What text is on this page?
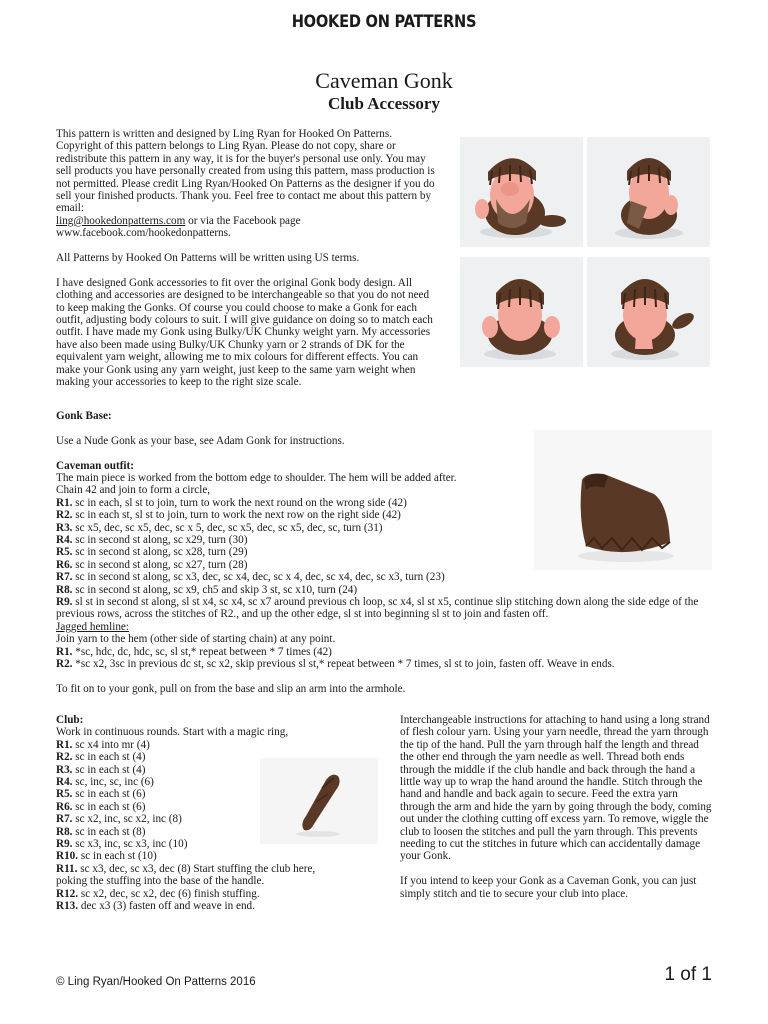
HOOKED ON PATTERNS
Caveman Gonk
Club Accessory

This pattern is written and designed by Ling Ryan for Hooked On Patterns. Copyright of this pattern belongs to Ling Ryan. Please do not copy, share or redistribute this pattern in any way, it is for the buyer's personal use only. You may sell products you have personally created from using this pattern, mass production is not permitted. Please credit Ling Ryan/Hooked On Patterns as the designer if you do sell your finished products. Thank you. Feel free to contact me about this pattern by email:

ling@hookedonpatterns.com or via the Facebook page

www.facebook.com/hookedonpatterns.

All Patterns by Hooked On Patterns will be written using US terms.

I have designed Gonk accessories to fit over the original Gonk body design. All clothing and accessories are designed to be interchangeable so that you do not need to keep making the Gonks. Of course you could choose to make a Gonk for each outfit, adjusting body colours to suit. I will give guidance on doing so to match each outfit. I have made my Gonk using Bulky/UK Chunky weight yarn. My accessories have also been made using Bulky/UK Chunky yarn or 2 strands of DK for the equivalent yarn weight, allowing me to mix colours for different effects. You can make your Gonk using any yarn weight, just keep to the same yarn weight when making your accessories to keep to the right size scale.

Gonk Base:

Use a Nude Gonk as your base, see Adam Gonk for instructions.

Caveman outfit:

The main piece is worked from the bottom edge to shoulder. The hem will be added after.

Chain 42 and join to form a circle,

R1. sc in each, sl st to join, turn to work the next round on the wrong side (42)

R2. sc in each st, sl st to join, turn to work the next row on the right side (42)

R3. sc x5, dec, sc x5, dec, sc x 5, dec, sc x5, dec, sc x5, dec, sc, turn (31)

R4. sc in second st along, sc x29, turn (30)

R5. sc in second st along, sc x28, turn (29)

R6. sc in second st along, sc x27, turn (28)

R7. sc in second st along, sc x3, dec, sc x4, dec, sc x 4, dec, sc x4, dec, sc x3, turn (23)

R8. sc in second st along, sc x9, ch5 and skip 3 st, sc x10, turn (24)

R9. sl st in second st along, sl st x4, sc x4, sc x7 around previous ch loop, sc x4, sl st x5, continue slip stitching down along the side edge of the previous rows, across the stitches of R2., and up the other edge, sl st into beginning sl st to join and fasten off.

Jagged hemline:

Join yarn to the hem (other side of starting chain) at any point.

R1. *sc, hdc, dc, hdc, sc, sl st,* repeat between * 7 times (42)

R2. *sc x2, 3sc in previous dc st, sc x2, skip previous sl st,* repeat between * 7 times, sl st to join, fasten off. Weave in ends.

To fit on to your gonk, pull on from the base and slip an arm into the armhole.

Club:

Work in continuous rounds. Start with a magic ring,

R1. sc x4 into mr (4)

R2. sc in each st (4)

R3. sc in each st (4)

R4. sc, inc, sc, inc (6)

R5. sc in each st (6)

R6. sc in each st (6)

R7. sc x2, inc, sc x2, inc (8)

R8. sc in each st (8)

R9. sc x3, inc, sc x3, inc (10)

R10. sc in each st (10)

R11. sc x3, dec, sc x3, dec (8) Start stuffing the club here, poking the stuffing into the base of the handle.

R12. sc x2, dec, sc x2, dec (6) finish stuffing.

R13. dec x3 (3) fasten off and weave in end.

Interchangeable instructions for attaching to hand using a long strand of flesh colour yarn. Using your yarn needle, thread the yarn through the tip of the hand. Pull the yarn through half the length and thread the other end through the yarn needle as well. Thread both ends through the middle if the club handle and back through the hand a little way up to wrap the hand around the handle. Stitch through the hand and handle and back again to secure. Feed the extra yarn through the arm and hide the yarn by going through the body, coming out under the clothing cutting off excess yarn. To remove, wiggle the club to loosen the stitches and pull the yarn through. This prevents needing to cut the stitches in future which can accidentally damage your Gonk.

If you intend to keep your Gonk as a Caveman Gonk, you can just simply stitch and tie to secure your club into place.

© Ling Ryan/Hooked On Patterns 2016	1 of 1
